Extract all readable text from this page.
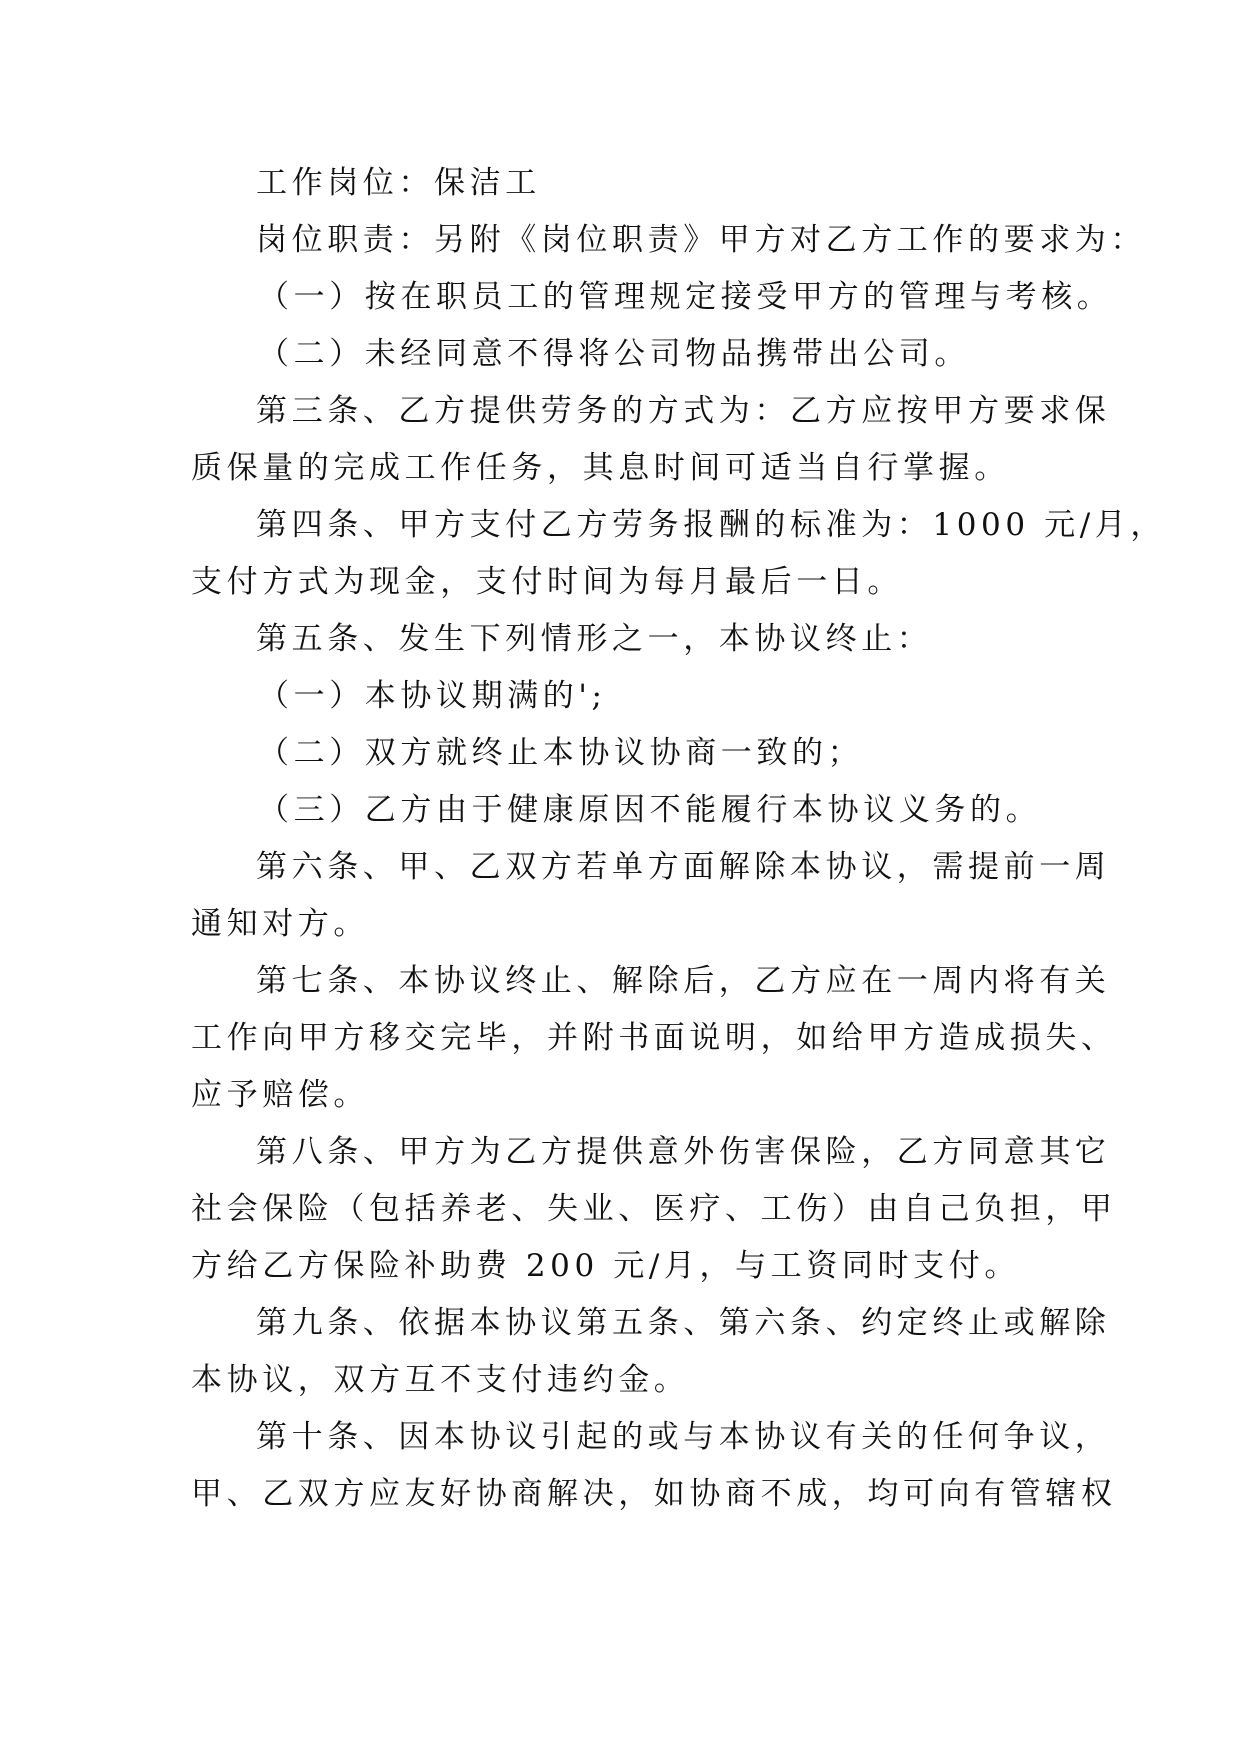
工作岗位：保洁工
岗位职责：另附《岗位职责》甲方对乙方工作的要求为：
（一）按在职员工的管理规定接受甲方的管理与考核。
（二）未经同意不得将公司物品携带出公司。
第三条、乙方提供劳务的方式为：乙方应按甲方要求保
质保量的完成工作任务，其息时间可适当自行掌握。
第四条、甲方支付乙方劳务报酬的标准为：1000 元/月，
支付方式为现金，支付时间为每月最后一日。
第五条、发生下列情形之一，本协议终止：
（一）本协议期满的';
（二）双方就终止本协议协商一致的；
（三）乙方由于健康原因不能履行本协议义务的。
第六条、甲、乙双方若单方面解除本协议，需提前一周
通知对方。
第七条、本协议终止、解除后，乙方应在一周内将有关
工作向甲方移交完毕，并附书面说明，如给甲方造成损失、
应予赔偿。
第八条、甲方为乙方提供意外伤害保险，乙方同意其它
社会保险（包括养老、失业、医疗、工伤）由自己负担，甲
方给乙方保险补助费 200 元/月，与工资同时支付。
第九条、依据本协议第五条、第六条、约定终止或解除
本协议，双方互不支付违约金。
第十条、因本协议引起的或与本协议有关的任何争议，
甲、乙双方应友好协商解决，如协商不成，均可向有管辖权
